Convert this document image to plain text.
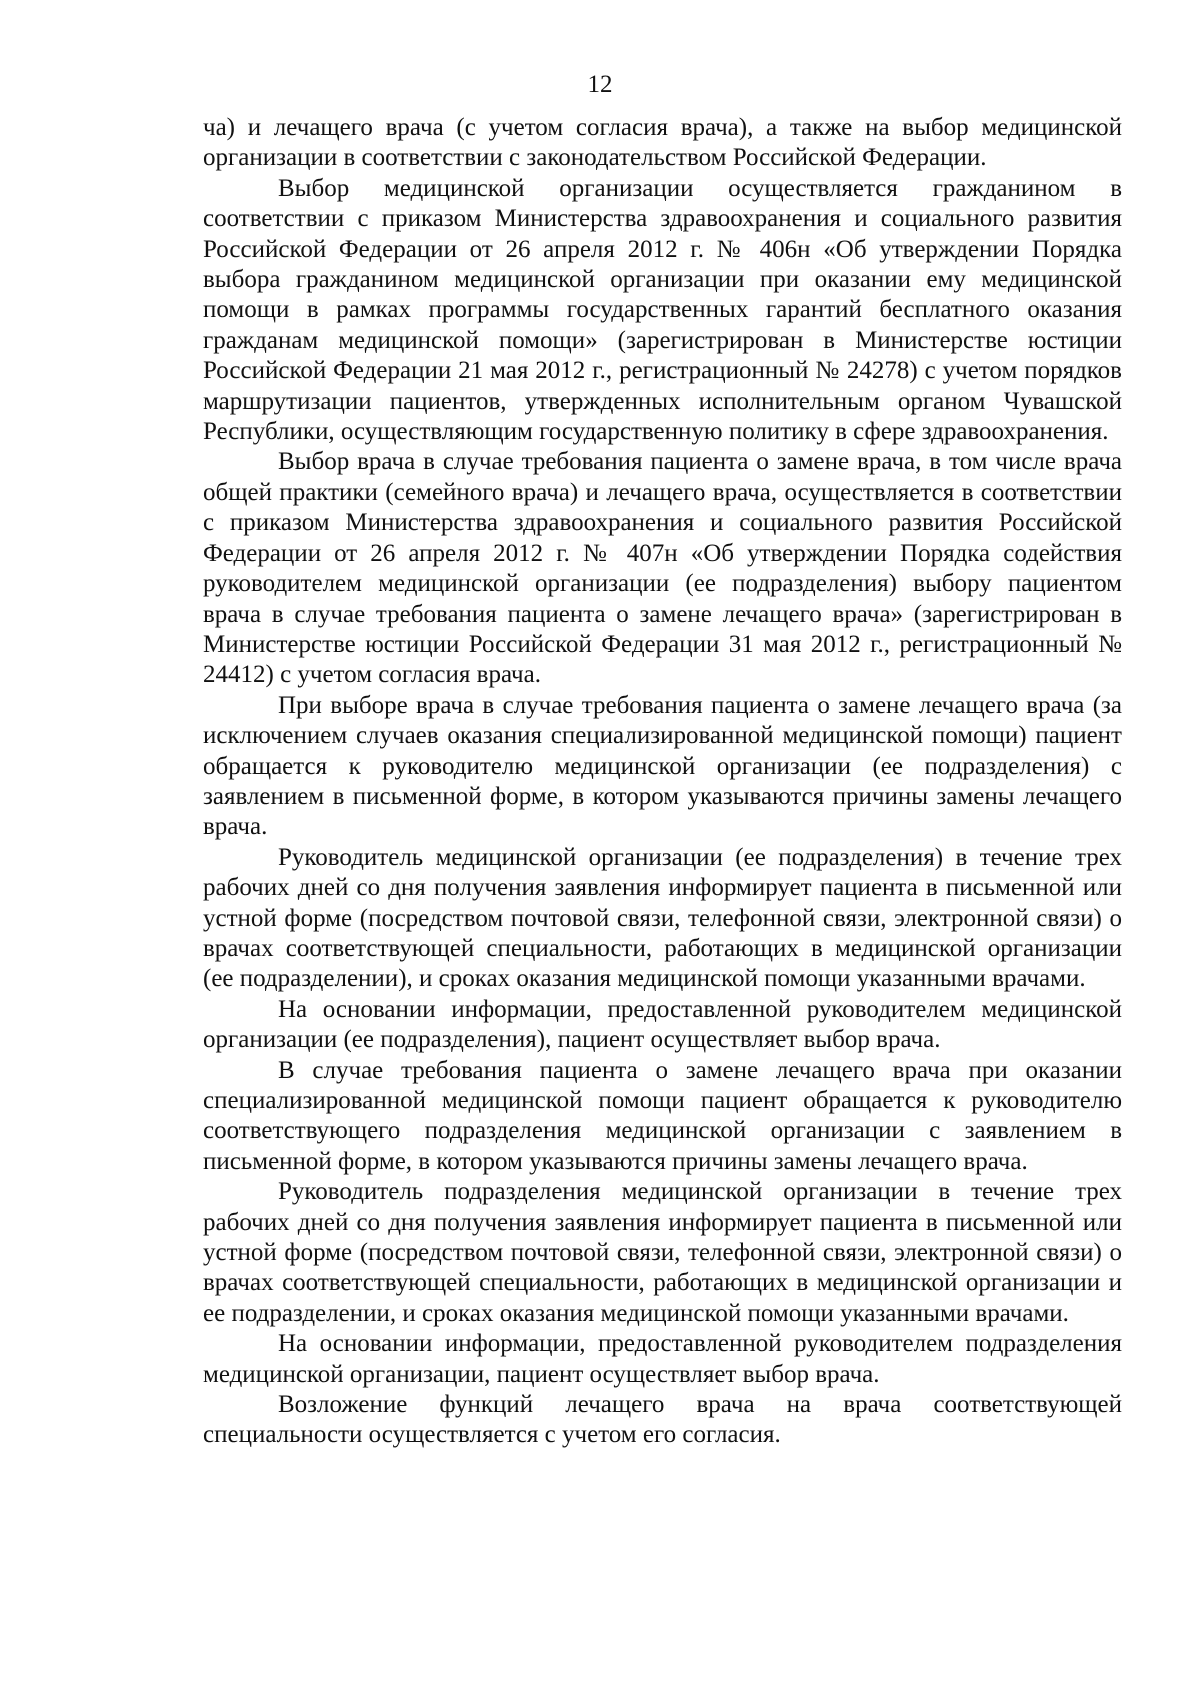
12

ча) и лечащего врача (с учетом согласия врача), а также на выбор медицинской организации в соответствии с законодательством Российской Федерации.

Выбор медицинской организации осуществляется гражданином в соответствии с приказом Министерства здравоохранения и социального развития Российской Федерации от 26 апреля 2012 г. № 406н «Об утверждении Порядка выбора гражданином медицинской организации при оказании ему медицинской помощи в рамках программы государственных гарантий бесплатного оказания гражданам медицинской помощи» (зарегистрирован в Министерстве юстиции Российской Федерации 21 мая 2012 г., регистрационный № 24278) с учетом порядков маршрутизации пациентов, утвержденных исполнительным органом Чувашской Республики, осуществляющим государственную политику в сфере здравоохранения.

Выбор врача в случае требования пациента о замене врача, в том числе врача общей практики (семейного врача) и лечащего врача, осуществляется в соответствии с приказом Министерства здравоохранения и социального развития Российской Федерации от 26 апреля 2012 г. № 407н «Об утверждении Порядка содействия руководителем медицинской организации (ее подразделения) выбору пациентом врача в случае требования пациента о замене лечащего врача» (зарегистрирован в Министерстве юстиции Российской Федерации 31 мая 2012 г., регистрационный № 24412) с учетом согласия врача.

При выборе врача в случае требования пациента о замене лечащего врача (за исключением случаев оказания специализированной медицинской помощи) пациент обращается к руководителю медицинской организации (ее подразделения) с заявлением в письменной форме, в котором указываются причины замены лечащего врача.

Руководитель медицинской организации (ее подразделения) в течение трех рабочих дней со дня получения заявления информирует пациента в письменной или устной форме (посредством почтовой связи, телефонной связи, электронной связи) о врачах соответствующей специальности, работающих в медицинской организации (ее подразделении), и сроках оказания медицинской помощи указанными врачами.

На основании информации, предоставленной руководителем медицинской организации (ее подразделения), пациент осуществляет выбор врача.

В случае требования пациента о замене лечащего врача при оказании специализированной медицинской помощи пациент обращается к руководителю соответствующего подразделения медицинской организации с заявлением в письменной форме, в котором указываются причины замены лечащего врача.

Руководитель подразделения медицинской организации в течение трех рабочих дней со дня получения заявления информирует пациента в письменной или устной форме (посредством почтовой связи, телефонной связи, электронной связи) о врачах соответствующей специальности, работающих в медицинской организации и ее подразделении, и сроках оказания медицинской помощи указанными врачами.

На основании информации, предоставленной руководителем подразделения медицинской организации, пациент осуществляет выбор врача.

Возложение функций лечащего врача на врача соответствующей специальности осуществляется с учетом его согласия.
